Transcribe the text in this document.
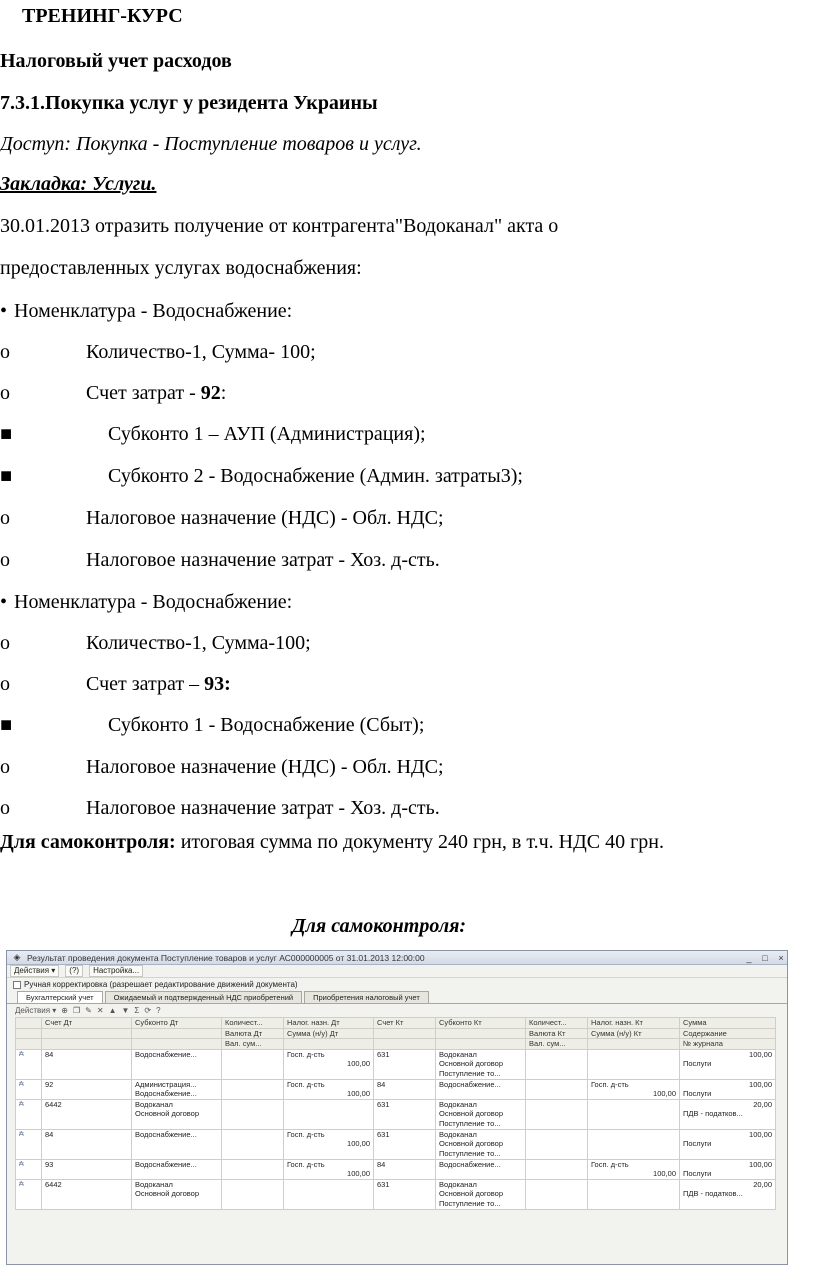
ТРЕНИНГ-КУРС
Налоговый учет расходов
7.3.1.Покупка услуг у резидента Украины
Доступ: Покупка - Поступление товаров и услуг.
Закладка: Услуги.
30.01.2013 отразить получение от контрагента"Водоканал" акта о
предоставленных услугах водоснабжения:
• Номенклатура - Водоснабжение:
o	Количество-1, Сумма- 100;
o	Счет затрат - 92:
■	Субконто 1 – АУП (Администрация);
■	Субконто 2 - Водоснабжение (Админ. затраты3);
o	Налоговое назначение (НДС) - Обл. НДС;
o	Налоговое назначение затрат - Хоз. д-сть.
• Номенклатура - Водоснабжение:
o	Количество-1, Сумма-100;
o	Счет затрат – 93:
■	Субконто 1 - Водоснабжение (Сбыт);
o	Налоговое назначение (НДС) - Обл. НДС;
o	Налоговое назначение затрат - Хоз. д-сть.
Для самоконтроля: итоговая сумма по документу 240 грн, в т.ч. НДС 40 грн.
Для самоконтроля:
◈ Результат проведения документа Поступление товаров и услуг АС000000005 от 31.01.2013 12:00:00	_	□	×
Действия ▾	(?)	Настройка...
Ручная корректировка (разрешает редактирование движений документа)
Бухгалтерский учет	Ожидаемый и подтвержденный НДС приобретений	Приобретения налоговый учет
Действия ▾ ⊕ ❐ ✎ ✕ ▲ ▼ Σ ⟳ ?
	Счет Дт	Субконто Дт	Количест...	Налог. назн. Дт	Счет Кт	Субконто Кт	Количест...	Налог. назн. Кт	Сумма
			Валюта Дт	Сумма (н/у) Дт			Валюта Кт	Сумма (н/у) Кт	Содержание
			Вал. сум...				Вал. сум...		№ журнала
₳	84	Водоснабжение...		Госп. д-сть	631	Водоканал			100,00
				100,00		Основной договор			Послуги
						Поступление то...			
₳	92	Администрация...		Госп. д-сть	84	Водоснабжение...		Госп. д-сть	100,00
		Водоснабжение...		100,00				100,00	Послуги
₳	6442	Водоканал			631	Водоканал			20,00
		Основной договор				Основной договор			ПДВ - податков...
						Поступление то...			
₳	84	Водоснабжение...		Госп. д-сть	631	Водоканал			100,00
				100,00		Основной договор			Послуги
						Поступление то...			
₳	93	Водоснабжение...		Госп. д-сть	84	Водоснабжение...		Госп. д-сть	100,00
				100,00				100,00	Послуги
₳	6442	Водоканал			631	Водоканал			20,00
		Основной договор				Основной договор			ПДВ - податков...
						Поступление то...			
